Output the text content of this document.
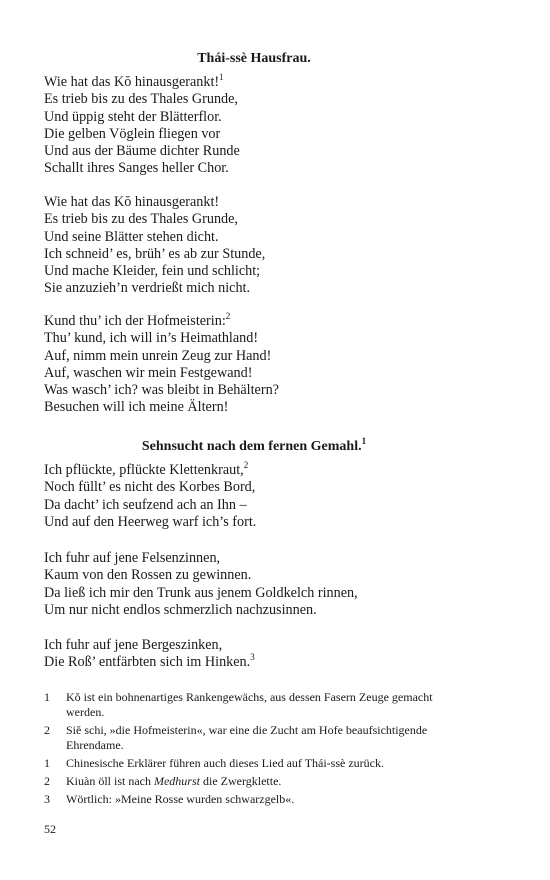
Thái-ssè Hausfrau.

Wie hat das Kŏ hinausgerankt!$^1$
Es trieb bis zu des Thales Grunde,
Und üppig steht der Blätterflor.
Die gelben Vöglein fliegen vor
Und aus der Bäume dichter Runde
Schallt ihres Sanges heller Chor.

Wie hat das Kŏ hinausgerankt!
Es trieb bis zu des Thales Grunde,
Und seine Blätter stehen dicht.
Ich schneid’ es, brüh’ es ab zur Stunde,
Und mache Kleider, fein und schlicht;
Sie anzuzieh’n verdrießt mich nicht.

Kund thu’ ich der Hofmeisterin:$^2$
Thu’ kund, ich will in’s Heimathland!
Auf, nimm mein unrein Zeug zur Hand!
Auf, waschen wir mein Festgewand!
Was wasch’ ich? was bleibt in Behältern?
Besuchen will ich meine Ältern!

Sehnsucht nach dem fernen Gemahl.$^1$

Ich pflückte, pflückte Klettenkraut,$^2$
Noch füllt’ es nicht des Korbes Bord,
Da dacht’ ich seufzend ach an Ihn –
Und auf den Heerweg warf ich’s fort.

Ich fuhr auf jene Felsenzinnen,
Kaum von den Rossen zu gewinnen.
Da ließ ich mir den Trunk aus jenem Goldkelch rinnen,
Um nur nicht endlos schmerzlich nachzusinnen.

Ich fuhr auf jene Bergeszinken,
Die Roß’ entfärbten sich im Hinken.$^3$

1	Kŏ ist ein bohnenartiges Rankengewächs, aus dessen Fasern Zeuge gemacht werden.
2	Siĕ schi, »die Hofmeisterin«, war eine die Zucht am Hofe beaufsichtigende Ehrendame.
1	Chinesische Erklärer führen auch dieses Lied auf Thái-ssè zurück.
2	Kiuàn öll ist nach Medhurst die Zwergklette.
3	Wörtlich: »Meine Rosse wurden schwarzgelb«.

52
